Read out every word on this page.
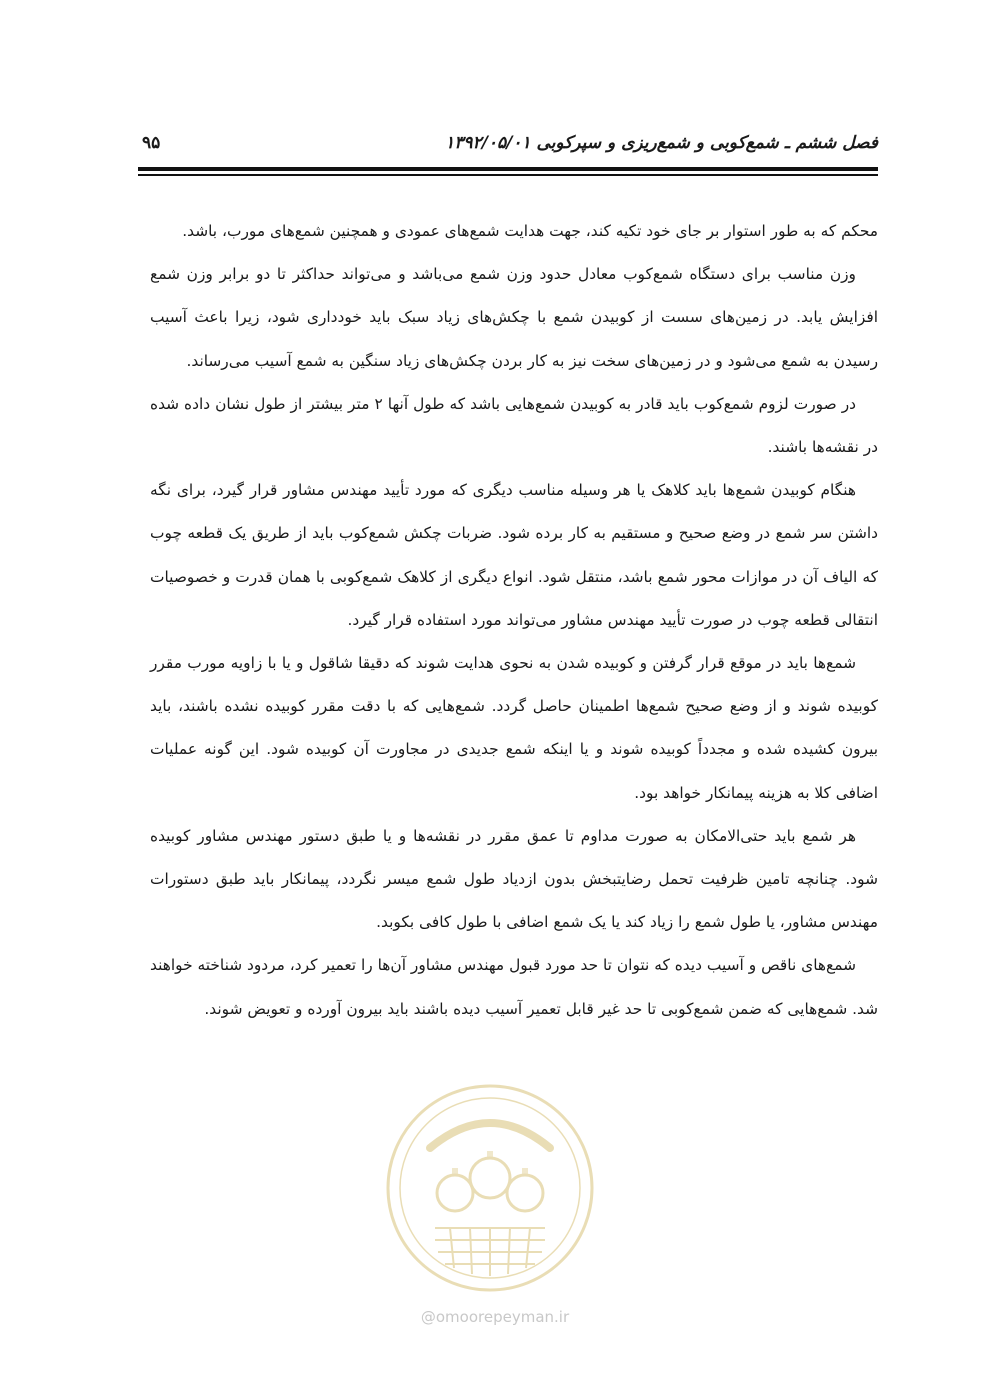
فصل ششم ـ شمع‌کوبی و شمع‌ریزی و سپرکوبی ۱۳۹۲/۰۵/۰۱
۹۵

محکم که به طور استوار بر جای خود تکیه کند، جهت هدایت شمع‌های عمودی و همچنین شمع‌های مورب، باشد.

وزن مناسب برای دستگاه شمع‌کوب معادل حدود وزن شمع می‌باشد و می‌تواند حداکثر تا دو برابر وزن شمع افزایش یابد. در زمین‌های سست از کوبیدن شمع با چکش‌های زیاد سبک باید خودداری شود، زیرا باعث آسیب رسیدن به شمع می‌شود و در زمین‌های سخت نیز به کار بردن چکش‌های زیاد سنگین به شمع آسیب می‌رساند.

در صورت لزوم شمع‌کوب باید قادر به کوبیدن شمع‌هایی باشد که طول آنها ۲ متر بیشتر از طول نشان داده شده در نقشه‌ها باشند.

هنگام کوبیدن شمع‌ها باید کلاهک یا هر وسیله مناسب دیگری که مورد تأیید مهندس مشاور قرار گیرد، برای نگه داشتن سر شمع در وضع صحیح و مستقیم به کار برده شود. ضربات چکش شمع‌کوب باید از طریق یک قطعه چوب که الیاف آن در موازات محور شمع باشد، منتقل شود. انواع دیگری از کلاهک شمع‌کوبی با همان قدرت و خصوصیات انتقالی قطعه چوب در صورت تأیید مهندس مشاور می‌تواند مورد استفاده قرار گیرد.

شمع‌ها باید در موقع قرار گرفتن و کوبیده شدن به نحوی هدایت شوند که دقیقا شاقول و یا با زاویه مورب مقرر کوبیده شوند و از وضع صحیح شمع‌ها اطمینان حاصل گردد. شمع‌هایی که با دقت مقرر کوبیده نشده باشند، باید بیرون کشیده شده و مجدداً کوبیده شوند و یا اینکه شمع جدیدی در مجاورت آن کوبیده شود. این گونه عملیات اضافی کلا به هزینه پیمانکار خواهد بود.

هر شمع باید حتی‌الامکان به صورت مداوم تا عمق مقرر در نقشه‌ها و یا طبق دستور مهندس مشاور کوبیده شود. چنانچه تامین ظرفیت تحمل رضایتبخش بدون ازدیاد طول شمع میسر نگردد، پیمانکار باید طبق دستورات مهندس مشاور، یا طول شمع را زیاد کند یا یک شمع اضافی با طول کافی بکوبد.

شمع‌های ناقص و آسیب دیده که نتوان تا حد مورد قبول مهندس مشاور آن‌ها را تعمیر کرد، مردود شناخته خواهند شد. شمع‌هایی که ضمن شمع‌کوبی تا حد غیر قابل تعمیر آسیب دیده باشند باید بیرون آورده و تعویض شوند.

@omoorepeyman.ir
